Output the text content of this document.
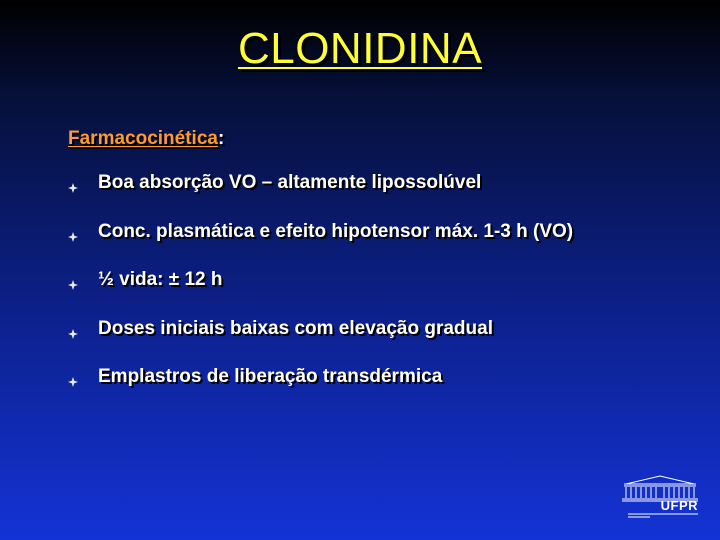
CLONIDINA
Farmacocinética:
Boa absorção VO – altamente lipossolúvel
Conc. plasmática e efeito hipotensor máx. 1-3 h (VO)
½ vida: ± 12 h
Doses iniciais baixas com elevação gradual
Emplastros de liberação transdérmica
UFPR
